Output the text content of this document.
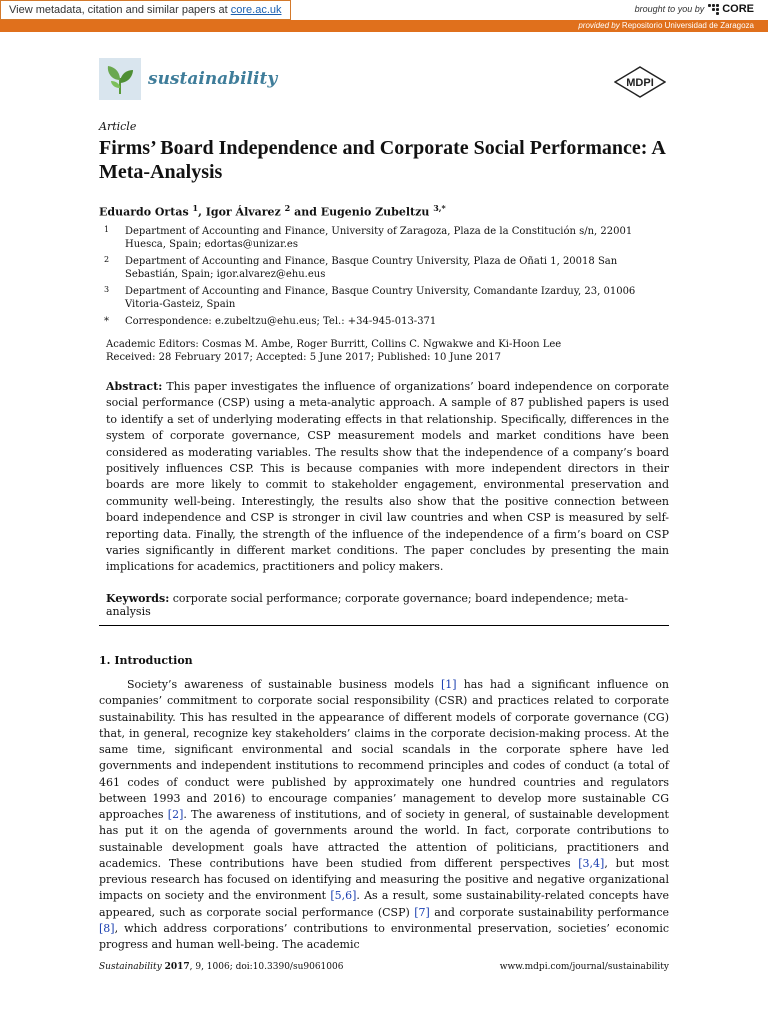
View metadata, citation and similar papers at core.ac.uk	brought to you by CORE
provided by Repositorio Universidad de Zaragoza
sustainability	MDPI
Article
Firms’ Board Independence and Corporate Social Performance: A Meta-Analysis
Eduardo Ortas $^1$, Igor Álvarez $^2$ and Eugenio Zubeltzu $^{3,*}$
1 Department of Accounting and Finance, University of Zaragoza, Plaza de la Constitución s/n, 22001 Huesca, Spain; edortas@unizar.es
2 Department of Accounting and Finance, Basque Country University, Plaza de Oñati 1, 20018 San Sebastián, Spain; igor.alvarez@ehu.eus
3 Department of Accounting and Finance, Basque Country University, Comandante Izarduy, 23, 01006 Vitoria-Gasteiz, Spain
* Correspondence: e.zubeltzu@ehu.eus; Tel.: +34-945-013-371
Academic Editors: Cosmas M. Ambe, Roger Burritt, Collins C. Ngwakwe and Ki-Hoon Lee
Received: 28 February 2017; Accepted: 5 June 2017; Published: 10 June 2017
Abstract: This paper investigates the influence of organizations’ board independence on corporate social performance (CSP) using a meta-analytic approach. A sample of 87 published papers is used to identify a set of underlying moderating effects in that relationship. Specifically, differences in the system of corporate governance, CSP measurement models and market conditions have been considered as moderating variables. The results show that the independence of a company’s board positively influences CSP. This is because companies with more independent directors in their boards are more likely to commit to stakeholder engagement, environmental preservation and community well-being. Interestingly, the results also show that the positive connection between board independence and CSP is stronger in civil law countries and when CSP is measured by self-reporting data. Finally, the strength of the influence of the independence of a firm’s board on CSP varies significantly in different market conditions. The paper concludes by presenting the main implications for academics, practitioners and policy makers.
Keywords: corporate social performance; corporate governance; board independence; meta-analysis
1. Introduction

Society’s awareness of sustainable business models [1] has had a significant influence on companies’ commitment to corporate social responsibility (CSR) and practices related to corporate sustainability. This has resulted in the appearance of different models of corporate governance (CG) that, in general, recognize key stakeholders’ claims in the corporate decision-making process. At the same time, significant environmental and social scandals in the corporate sphere have led governments and independent institutions to recommend principles and codes of conduct (a total of 461 codes of conduct were published by approximately one hundred countries and regulators between 1993 and 2016) to encourage companies’ management to develop more sustainable CG approaches [2]. The awareness of institutions, and of society in general, of sustainable development has put it on the agenda of governments around the world. In fact, corporate contributions to sustainable development goals have attracted the attention of politicians, practitioners and academics. These contributions have been studied from different perspectives [3,4], but most previous research has focused on identifying and measuring the positive and negative organizational impacts on society and the environment [5,6]. As a result, some sustainability-related concepts have appeared, such as corporate social performance (CSP) [7] and corporate sustainability performance [8], which address corporations’ contributions to environmental preservation, societies’ economic progress and human well-being. The academic

Sustainability 2017, 9, 1006; doi:10.3390/su9061006	www.mdpi.com/journal/sustainability
